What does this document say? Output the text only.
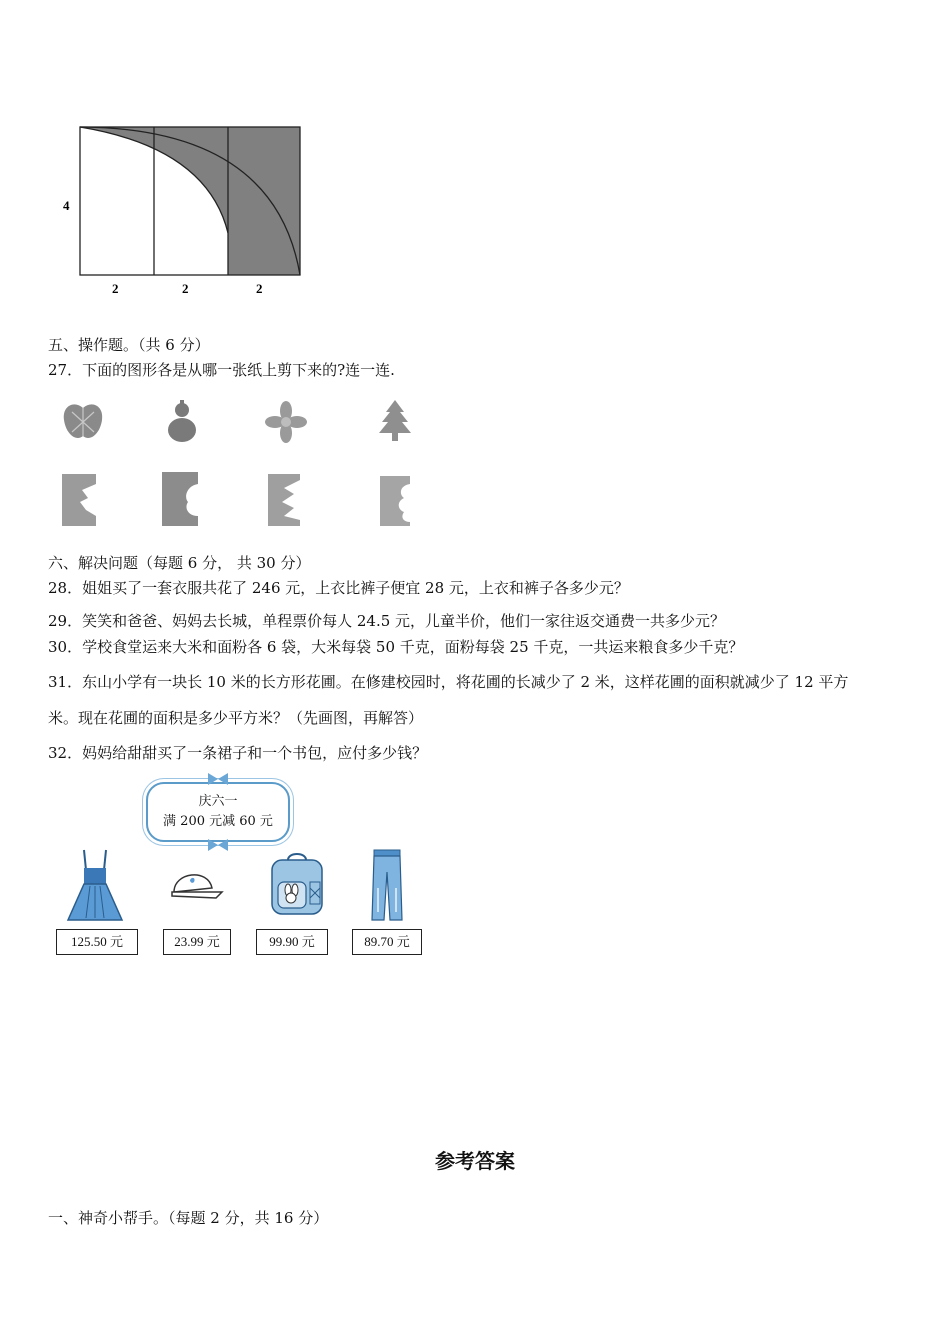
4
2	2	2
五、操作题。（共 6 分）
27．下面的图形各是从哪一张纸上剪下来的?连一连.
六、解决问题（每题 6 分， 共 30 分）
28．姐姐买了一套衣服共花了 246 元，上衣比裤子便宜 28 元，上衣和裤子各多少元？
29．笑笑和爸爸、妈妈去长城，单程票价每人 24.5 元，儿童半价，他们一家往返交通费一共多少元？
30．学校食堂运来大米和面粉各 6 袋，大米每袋 50 千克，面粉每袋 25 千克，一共运来粮食多少千克？
31．东山小学有一块长 10 米的长方形花圃。在修建校园时，将花圃的长减少了 2 米，这样花圃的面积就减少了 12 平方
米。现在花圃的面积是多少平方米？（先画图，再解答）
32．妈妈给甜甜买了一条裙子和一个书包，应付多少钱？
庆六一
满 200 元减 60 元
125.50 元	23.99 元	99.90 元	89.70 元
参考答案
一、神奇小帮手。（每题 2 分，共 16 分）
